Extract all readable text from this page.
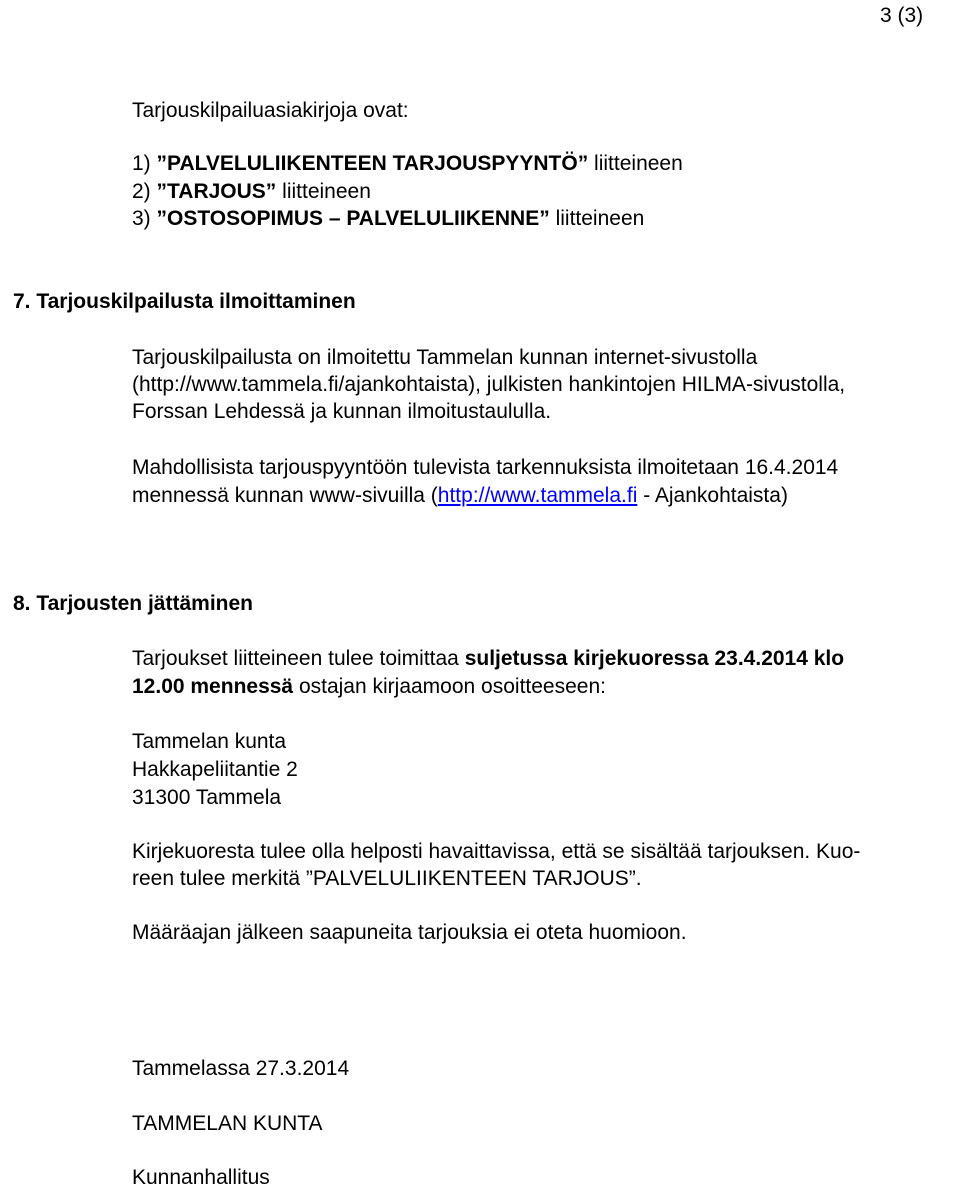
3 (3)
Tarjouskilpailuasiakirjoja ovat:
1) ”PALVELULIIKENTEEN TARJOUSPYYNTÖ” liitteineen
2) ”TARJOUS” liitteineen
3) ”OSTOSOPIMUS – PALVELULIIKENNE” liitteineen
7. Tarjouskilpailusta ilmoittaminen
Tarjouskilpailusta on ilmoitettu Tammelan kunnan internet-sivustolla
(http://www.tammela.fi/ajankohtaista), julkisten hankintojen HILMA-sivustolla,
Forssan Lehdessä ja kunnan ilmoitustaululla.
Mahdollisista tarjouspyyntöön tulevista tarkennuksista ilmoitetaan 16.4.2014
mennessä kunnan www-sivuilla (http://www.tammela.fi - Ajankohtaista)
8. Tarjousten jättäminen
Tarjoukset liitteineen tulee toimittaa suljetussa kirjekuoressa 23.4.2014 klo
12.00 mennessä ostajan kirjaamoon osoitteeseen:
Tammelan kunta
Hakkapeliitantie 2
31300 Tammela
Kirjekuoresta tulee olla helposti havaittavissa, että se sisältää tarjouksen. Kuo-
reen tulee merkitä ”PALVELULIIKENTEEN TARJOUS”.
Määräajan jälkeen saapuneita tarjouksia ei oteta huomioon.
Tammelassa 27.3.2014
TAMMELAN KUNTA
Kunnanhallitus
